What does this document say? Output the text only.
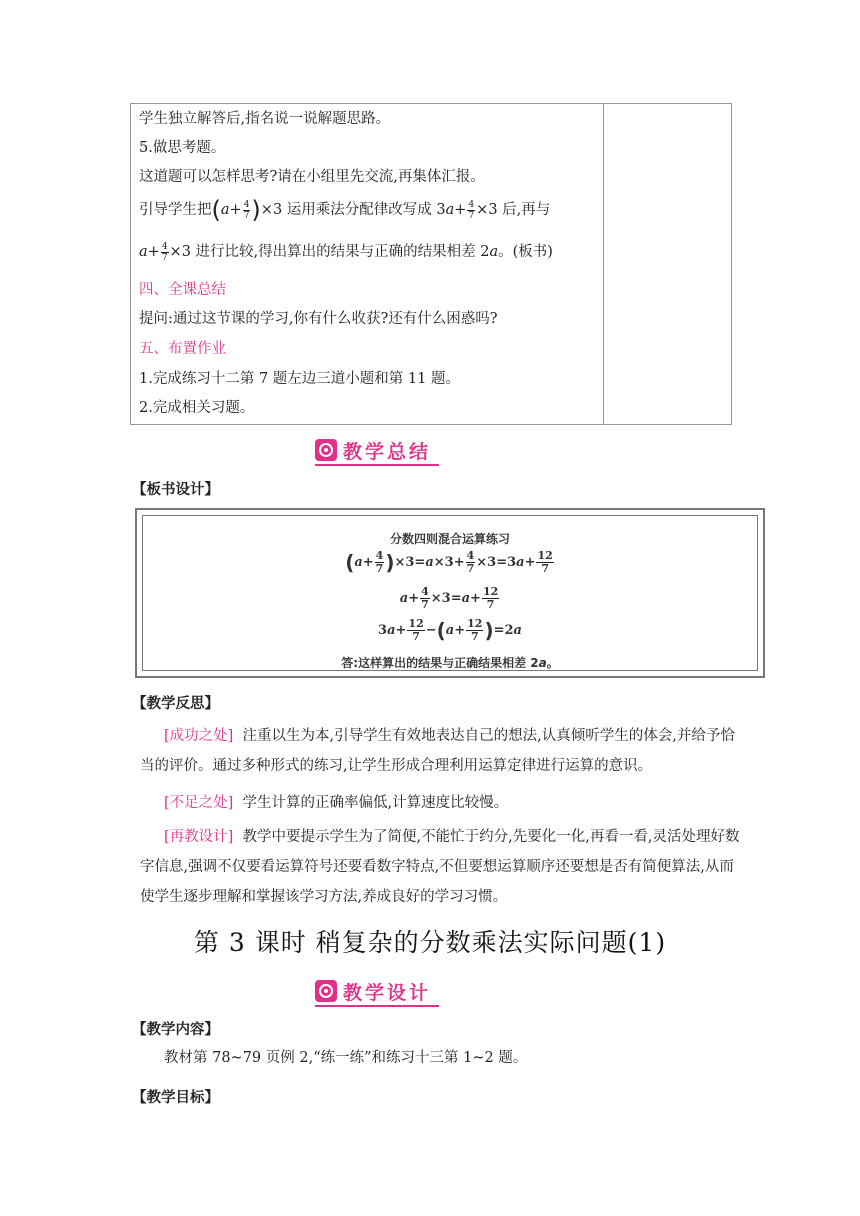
学生独立解答后,指名说一说解题思路。
5.做思考题。
这道题可以怎样思考?请在小组里先交流,再集体汇报。
引导学生把$(a+ \frac{4}{7} )\times 3$ 运用乘法分配律改写成 $3a+ \frac{4}{7} \times 3$ 后,再与
$a+ \frac{4}{7} \times 3$ 进行比较,得出算出的结果与正确的结果相差 2a。(板书)
四、全课总结
提问:通过这节课的学习,你有什么收获?还有什么困惑吗?
五、布置作业
1.完成练习十二第 7 题左边三道小题和第 11 题。
2.完成相关习题。
教学总结
【板书设计】
分数四则混合运算练习
$(a+ \frac{4}{7} )\times 3=a\times 3+ \frac{4}{7} \times 3=3a+ \frac{12}{7}$
$a+ \frac{4}{7} \times 3=a+ \frac{12}{7}$
$3a+ \frac{12}{7} -(a+ \frac{12}{7} )=2a$
答:这样算出的结果与正确结果相差 2a。
【教学反思】
[成功之处] 注重以生为本,引导学生有效地表达自己的想法,认真倾听学生的体会,并给予恰当的评价。通过多种形式的练习,让学生形成合理利用运算定律进行运算的意识。
[不足之处] 学生计算的正确率偏低,计算速度比较慢。
[再教设计] 教学中要提示学生为了简便,不能忙于约分,先要化一化,再看一看,灵活处理好数字信息,强调不仅要看运算符号还要看数字特点,不但要想运算顺序还要想是否有简便算法,从而使学生逐步理解和掌握该学习方法,养成良好的学习习惯。
第 3 课时 稍复杂的分数乘法实际问题(1)
教学设计
【教学内容】
教材第 78~79 页例 2,“练一练”和练习十三第 1~2 题。
【教学目标】
